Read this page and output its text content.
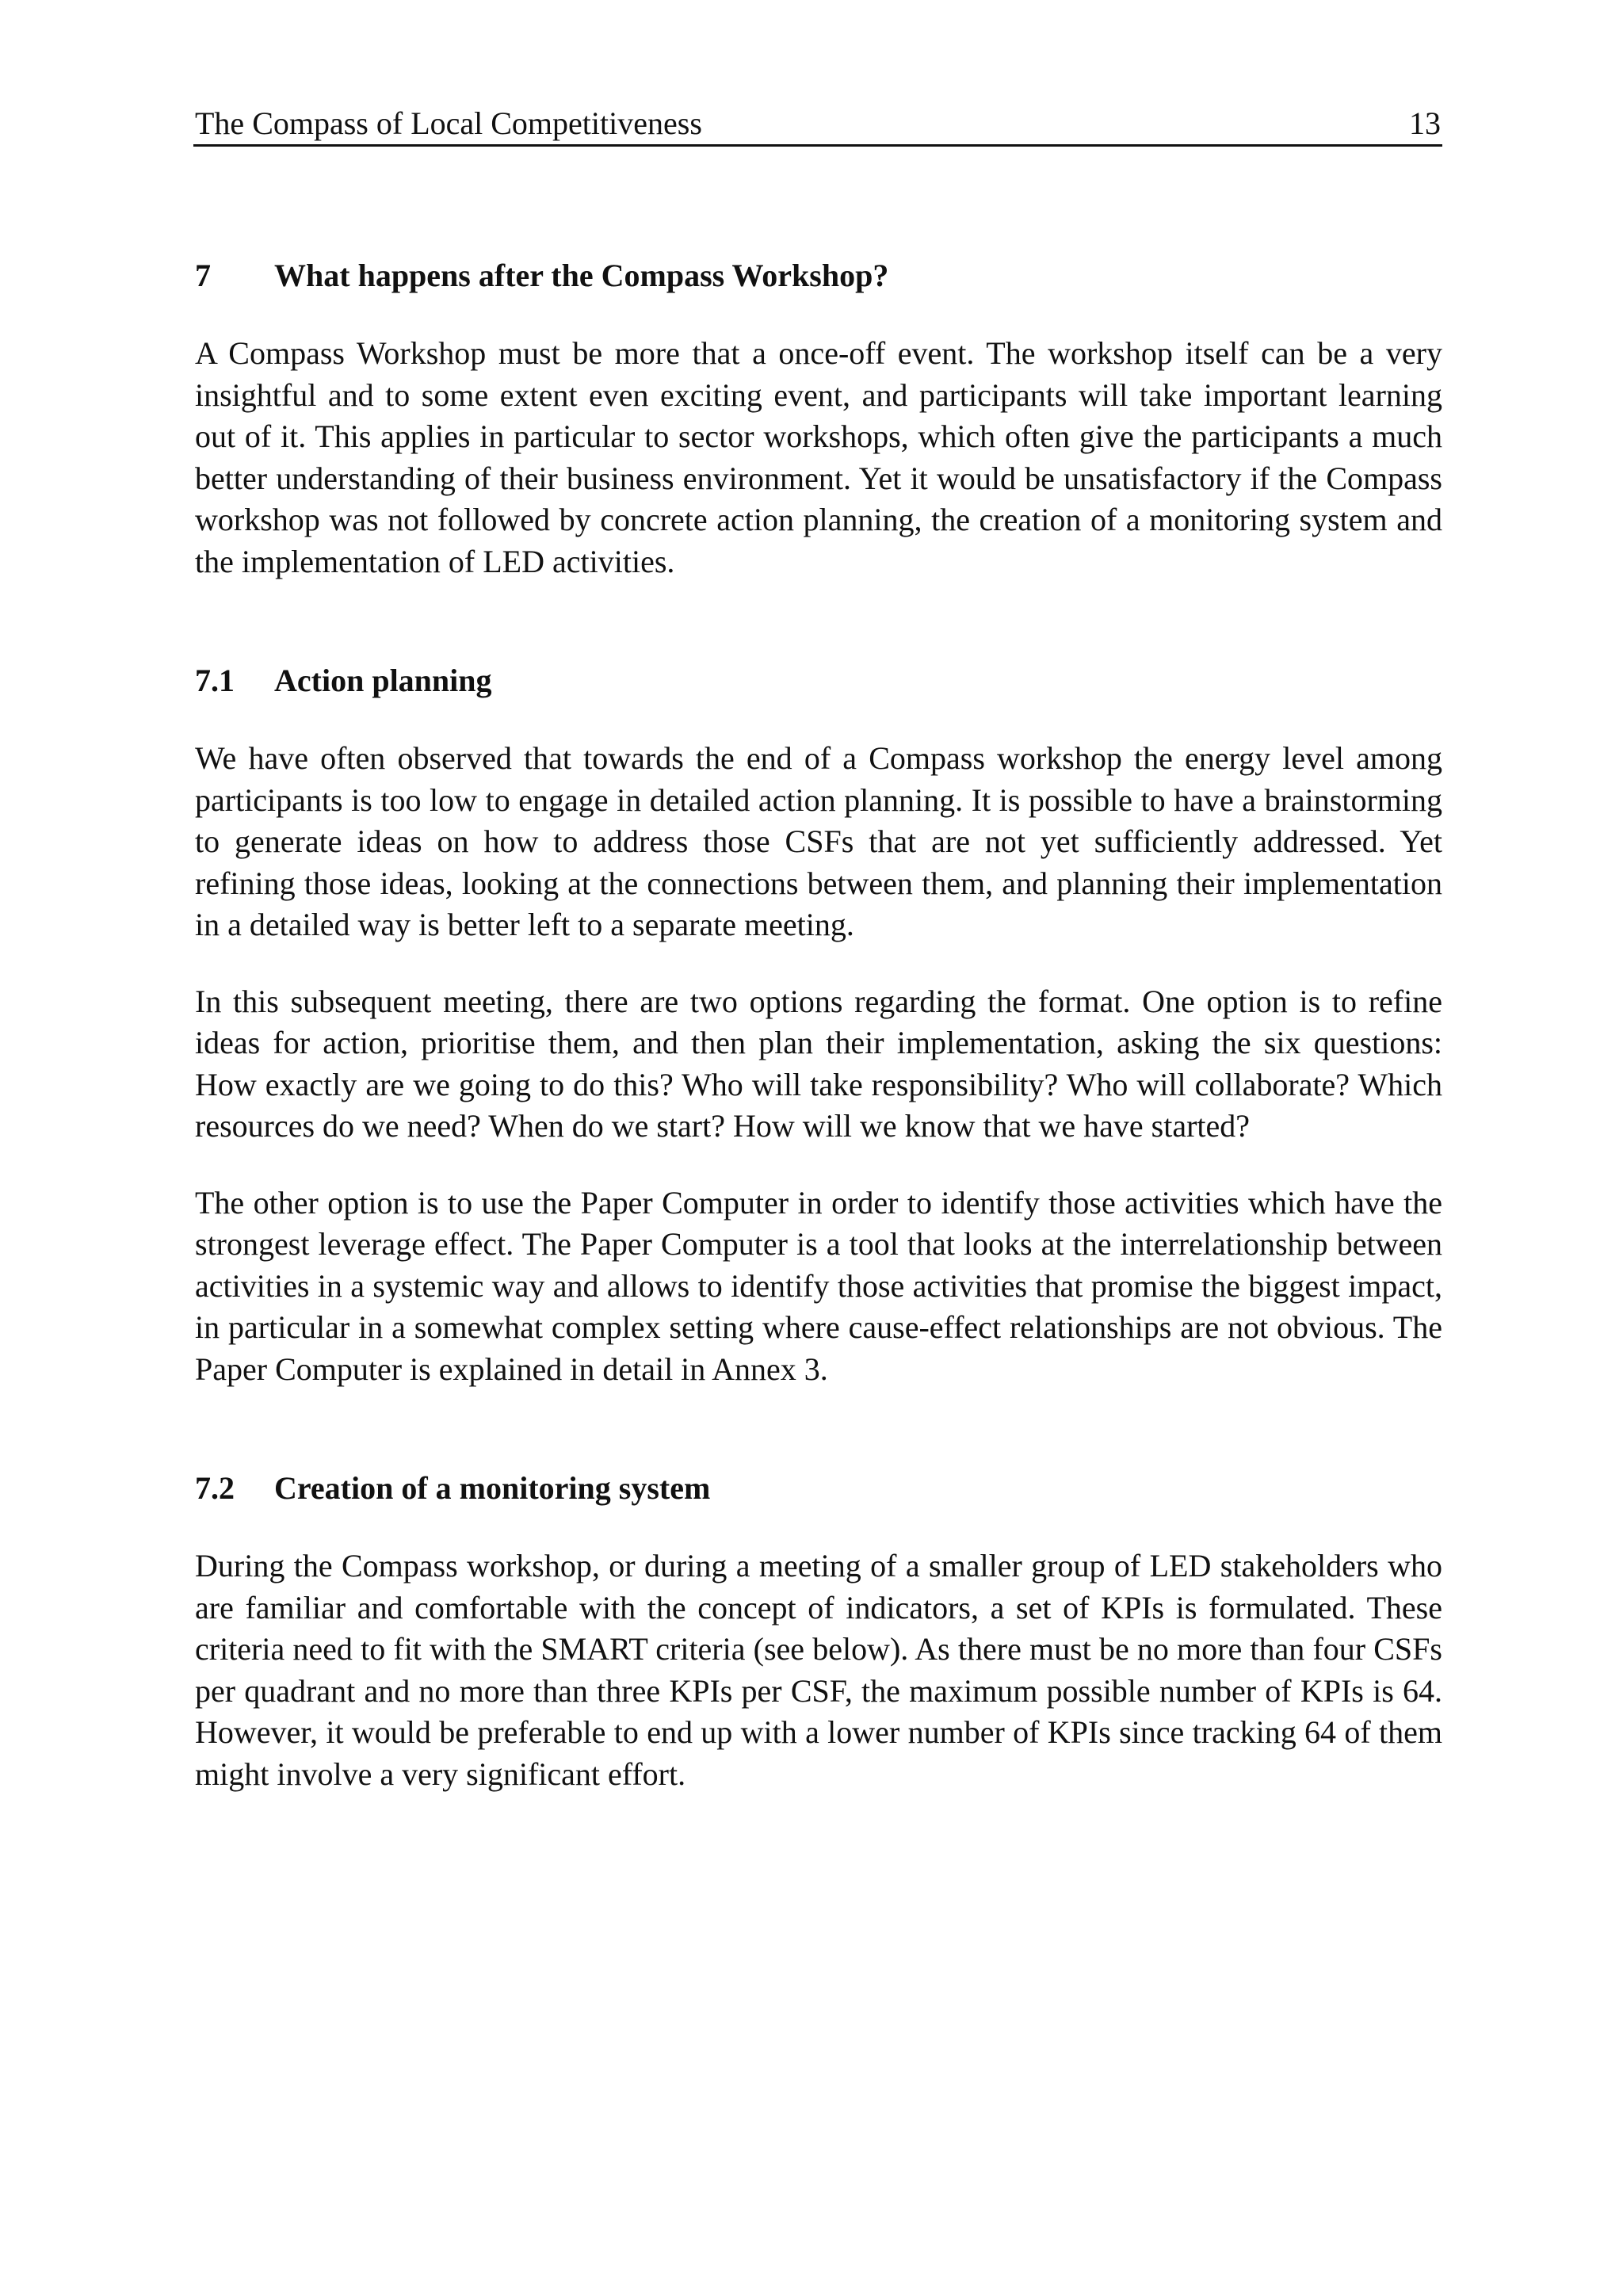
The Compass of Local Competitiveness	13
7	What happens after the Compass Workshop?

A Compass Workshop must be more that a once-off event. The workshop itself can be a very insightful and to some extent even exciting event, and participants will take important learning out of it. This applies in particular to sector workshops, which often give the participants a much better understanding of their business environment. Yet it would be unsatisfactory if the Compass workshop was not followed by concrete action planning, the creation of a monitoring system and the implementation of LED activities.

7.1	Action planning

We have often observed that towards the end of a Compass workshop the energy level among participants is too low to engage in detailed action planning. It is possible to have a brainstorming to generate ideas on how to address those CSFs that are not yet sufficiently addressed. Yet refining those ideas, looking at the connections between them, and planning their implementation in a detailed way is better left to a separate meeting.

In this subsequent meeting, there are two options regarding the format. One option is to refine ideas for action, prioritise them, and then plan their implementation, asking the six questions: How exactly are we going to do this? Who will take responsibility? Who will collaborate? Which resources do we need? When do we start? How will we know that we have started?

The other option is to use the Paper Computer in order to identify those activities which have the strongest leverage effect. The Paper Computer is a tool that looks at the interrelationship between activities in a systemic way and allows to identify those activities that promise the biggest impact, in particular in a somewhat complex setting where cause-effect relationships are not obvious. The Paper Computer is explained in detail in Annex 3.

7.2	Creation of a monitoring system

During the Compass workshop, or during a meeting of a smaller group of LED stakeholders who are familiar and comfortable with the concept of indicators, a set of KPIs is formulated. These criteria need to fit with the SMART criteria (see below). As there must be no more than four CSFs per quadrant and no more than three KPIs per CSF, the maximum possible number of KPIs is 64. However, it would be preferable to end up with a lower number of KPIs since tracking 64 of them might involve a very significant effort.
